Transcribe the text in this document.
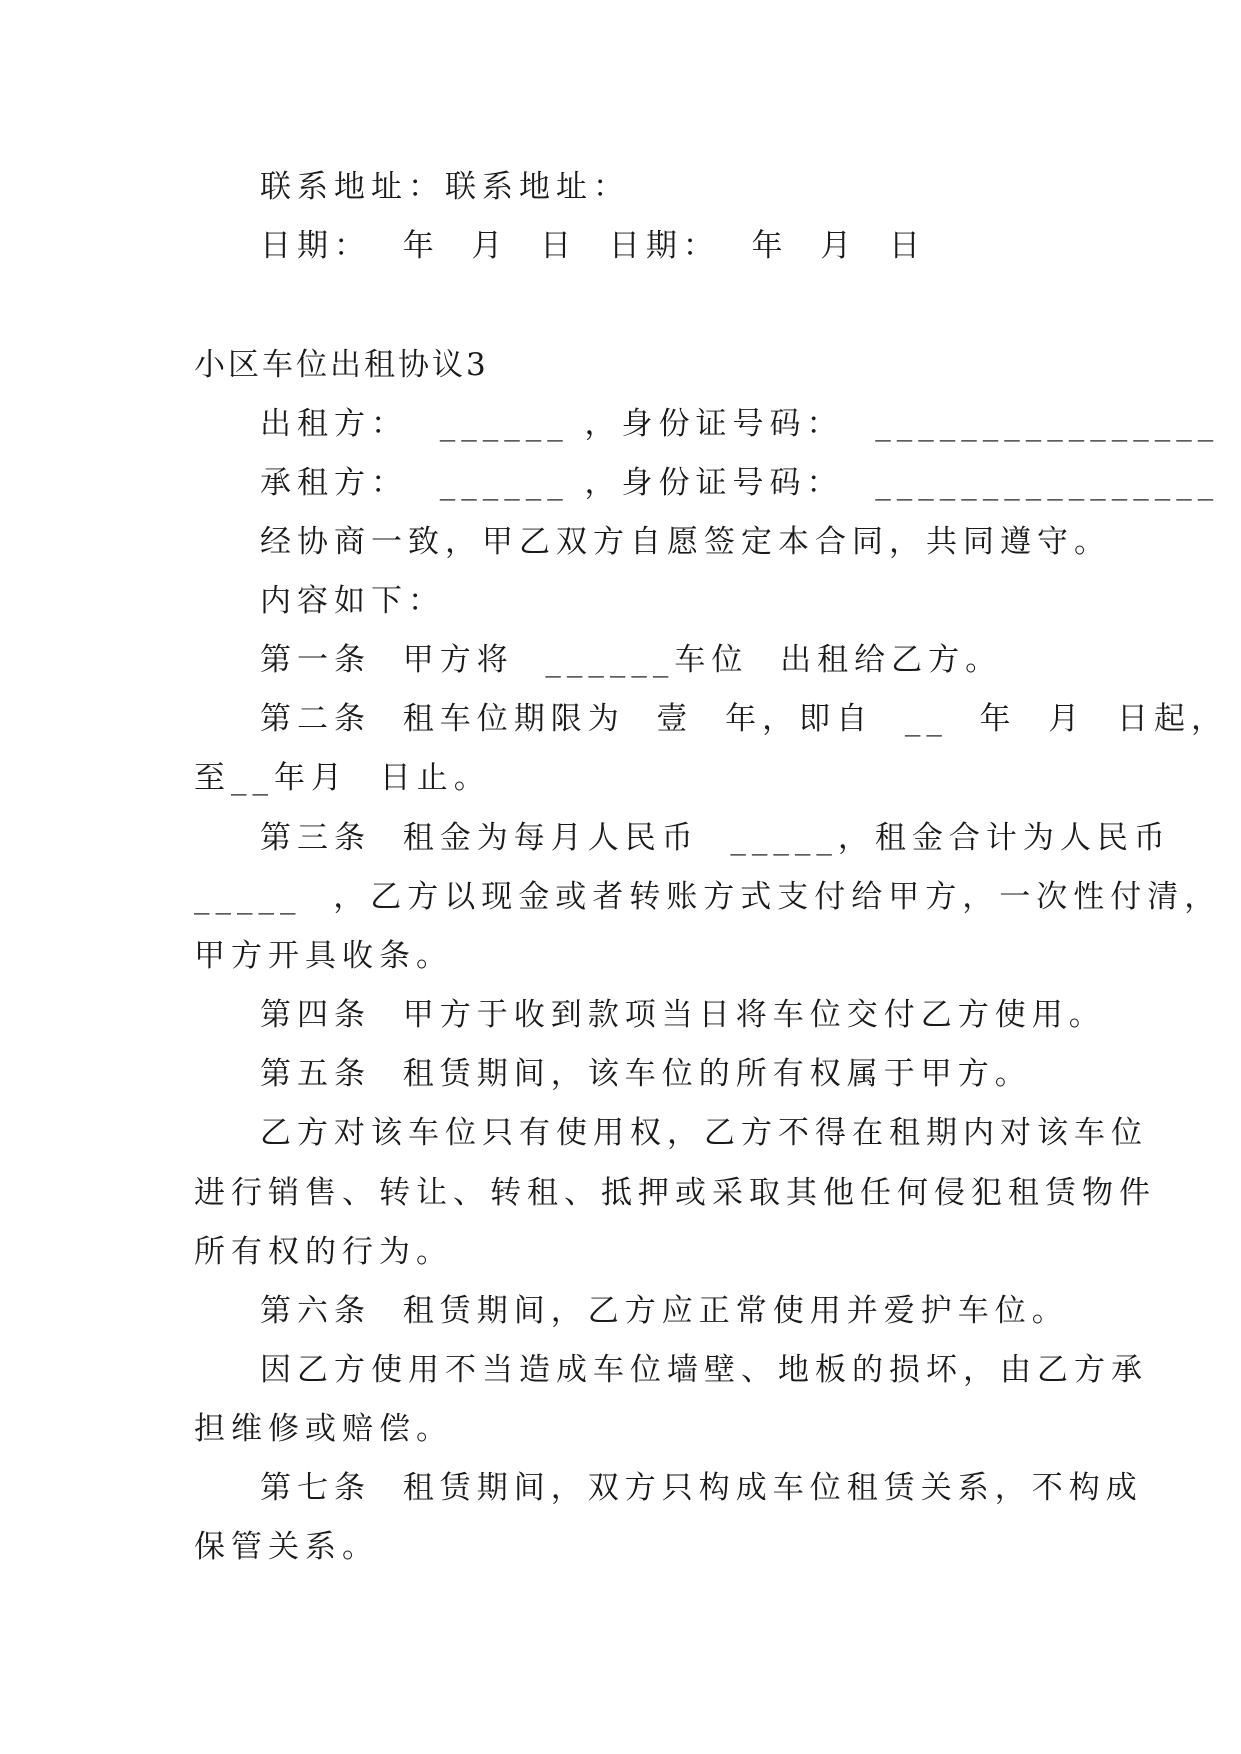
联系地址：联系地址：
日期：  年  月  日  日期：  年  月  日
小区车位出租协议3
出租方：  ______ ，身份证号码：  ________________
承租方：  ______ ，身份证号码：  ________________
经协商一致，甲乙双方自愿签定本合同，共同遵守。
内容如下：
第一条  甲方将  ______车位  出租给乙方。
第二条  租车位期限为  壹  年，即自  __  年  月  日起，
至__年月  日止。
第三条  租金为每月人民币  _____，租金合计为人民币
_____  ，乙方以现金或者转账方式支付给甲方，一次性付清，
甲方开具收条。
第四条  甲方于收到款项当日将车位交付乙方使用。
第五条  租赁期间，该车位的所有权属于甲方。
乙方对该车位只有使用权，乙方不得在租期内对该车位
进行销售、转让、转租、抵押或采取其他任何侵犯租赁物件
所有权的行为。
第六条  租赁期间，乙方应正常使用并爱护车位。
因乙方使用不当造成车位墙壁、地板的损坏，由乙方承
担维修或赔偿。
第七条  租赁期间，双方只构成车位租赁关系，不构成
保管关系。
